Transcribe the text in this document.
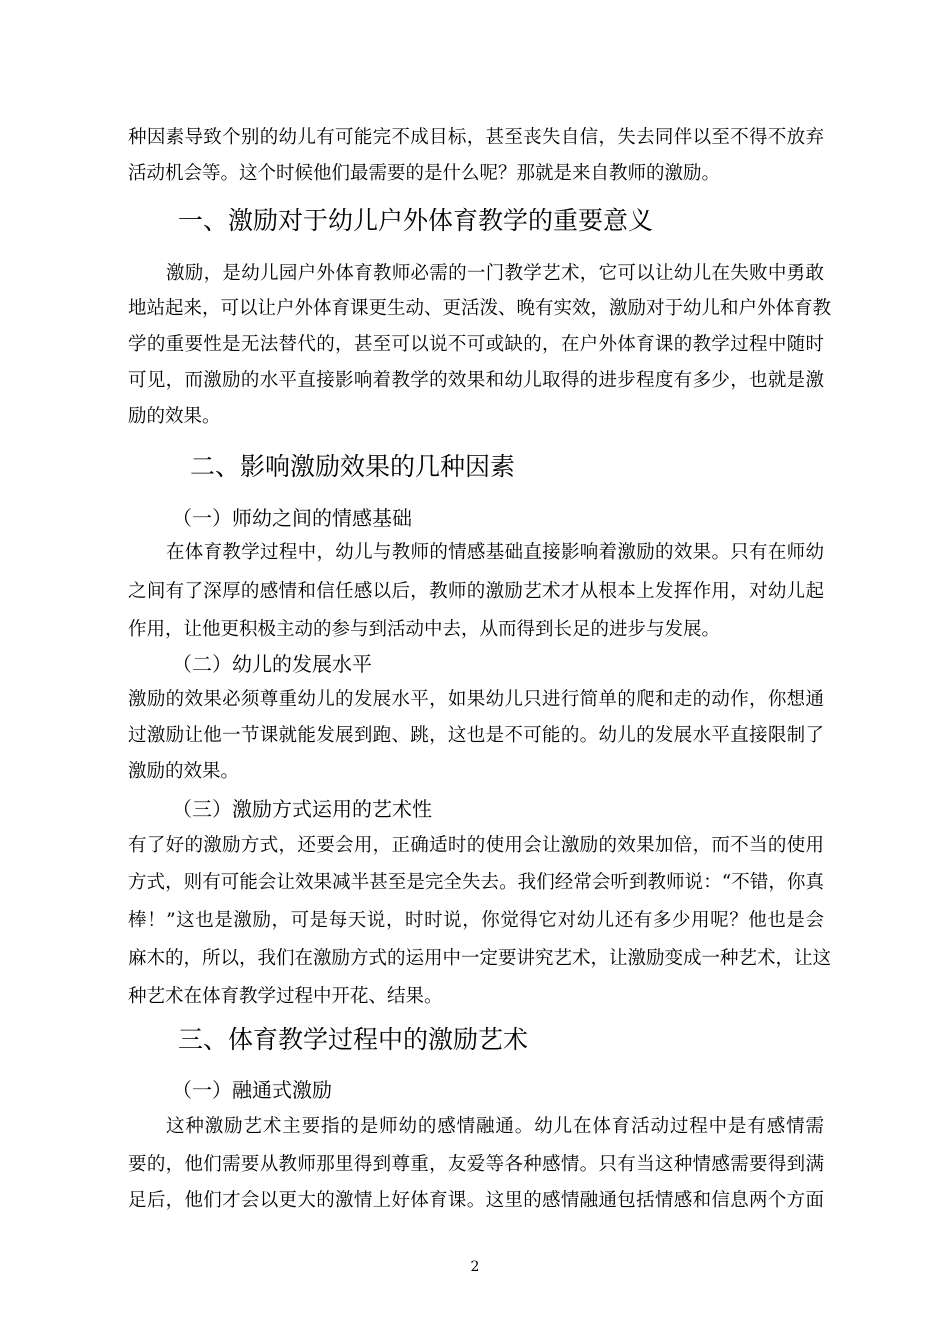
种因素导致个别的幼儿有可能完不成目标，甚至丧失自信，失去同伴以至不得不放弃
活动机会等。这个时候他们最需要的是什么呢？那就是来自教师的激励。
一、激励对于幼儿户外体育教学的重要意义
激励，是幼儿园户外体育教师必需的一门教学艺术，它可以让幼儿在失败中勇敢
地站起来，可以让户外体育课更生动、更活泼、晚有实效，激励对于幼儿和户外体育教
学的重要性是无法替代的，甚至可以说不可或缺的，在户外体育课的教学过程中随时
可见，而激励的水平直接影响着教学的效果和幼儿取得的进步程度有多少，也就是激
励的效果。
二、影响激励效果的几种因素
（一）师幼之间的情感基础
在体育教学过程中，幼儿与教师的情感基础直接影响着激励的效果。只有在师幼
之间有了深厚的感情和信任感以后，教师的激励艺术才从根本上发挥作用，对幼儿起
作用，让他更积极主动的参与到活动中去，从而得到长足的进步与发展。
（二）幼儿的发展水平
激励的效果必须尊重幼儿的发展水平，如果幼儿只进行简单的爬和走的动作，你想通
过激励让他一节课就能发展到跑、跳，这也是不可能的。幼儿的发展水平直接限制了
激励的效果。
（三）激励方式运用的艺术性
有了好的激励方式，还要会用，正确适时的使用会让激励的效果加倍，而不当的使用
方式，则有可能会让效果减半甚至是完全失去。我们经常会听到教师说：“不错，你真
棒！”这也是激励，可是每天说，时时说，你觉得它对幼儿还有多少用呢？他也是会
麻木的，所以，我们在激励方式的运用中一定要讲究艺术，让激励变成一种艺术，让这
种艺术在体育教学过程中开花、结果。
三、体育教学过程中的激励艺术
（一）融通式激励
这种激励艺术主要指的是师幼的感情融通。幼儿在体育活动过程中是有感情需
要的，他们需要从教师那里得到尊重，友爱等各种感情。只有当这种情感需要得到满
足后，他们才会以更大的激情上好体育课。这里的感情融通包括情感和信息两个方面
2
